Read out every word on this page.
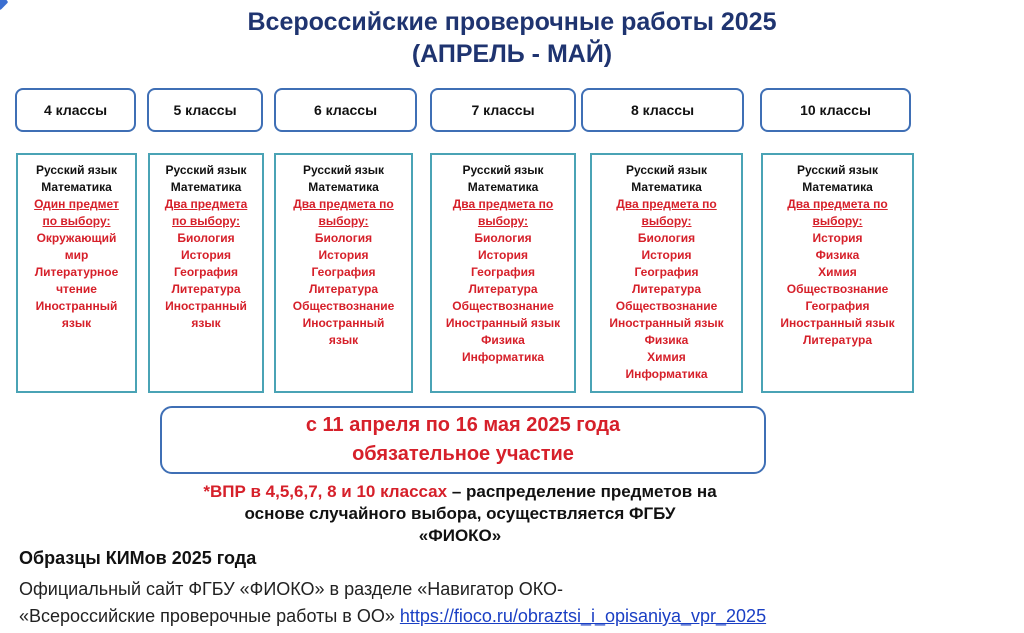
Всероссийские проверочные работы 2025
(АПРЕЛЬ - МАЙ)
4 классы	5 классы	6 классы	7 классы	8 классы	10 классы
Русский язык
Математика
Один предмет
по выбору:
Окружающий
мир
Литературное
чтение
Иностранный
язык
Русский язык
Математика
Два предмета
по выбору:
Биология
История
География
Литература
Иностранный
язык
Русский язык
Математика
Два предмета по
выбору:
Биология
История
География
Литература
Обществознание
Иностранный
язык
Русский язык
Математика
Два предмета по
выбору:
Биология
История
География
Литература
Обществознание
Иностранный язык
Физика
Информатика
Русский язык
Математика
Два предмета по
выбору:
Биология
История
География
Литература
Обществознание
Иностранный язык
Физика
Химия
Информатика
Русский язык
Математика
Два предмета по
выбору:
История
Физика
Химия
Обществознание
География
Иностранный язык
Литература
с 11 апреля по 16 мая 2025 года
обязательное участие
*ВПР в 4,5,6,7, 8 и 10 классах – распределение предметов на
основе случайного выбора, осуществляется ФГБУ
«ФИОКО»
Образцы КИМов 2025 года
Официальный сайт ФГБУ «ФИОКО» в разделе «Навигатор ОКО-
«Всероссийские проверочные работы в ОО» https://fioco.ru/obraztsi_i_opisaniya_vpr_2025
